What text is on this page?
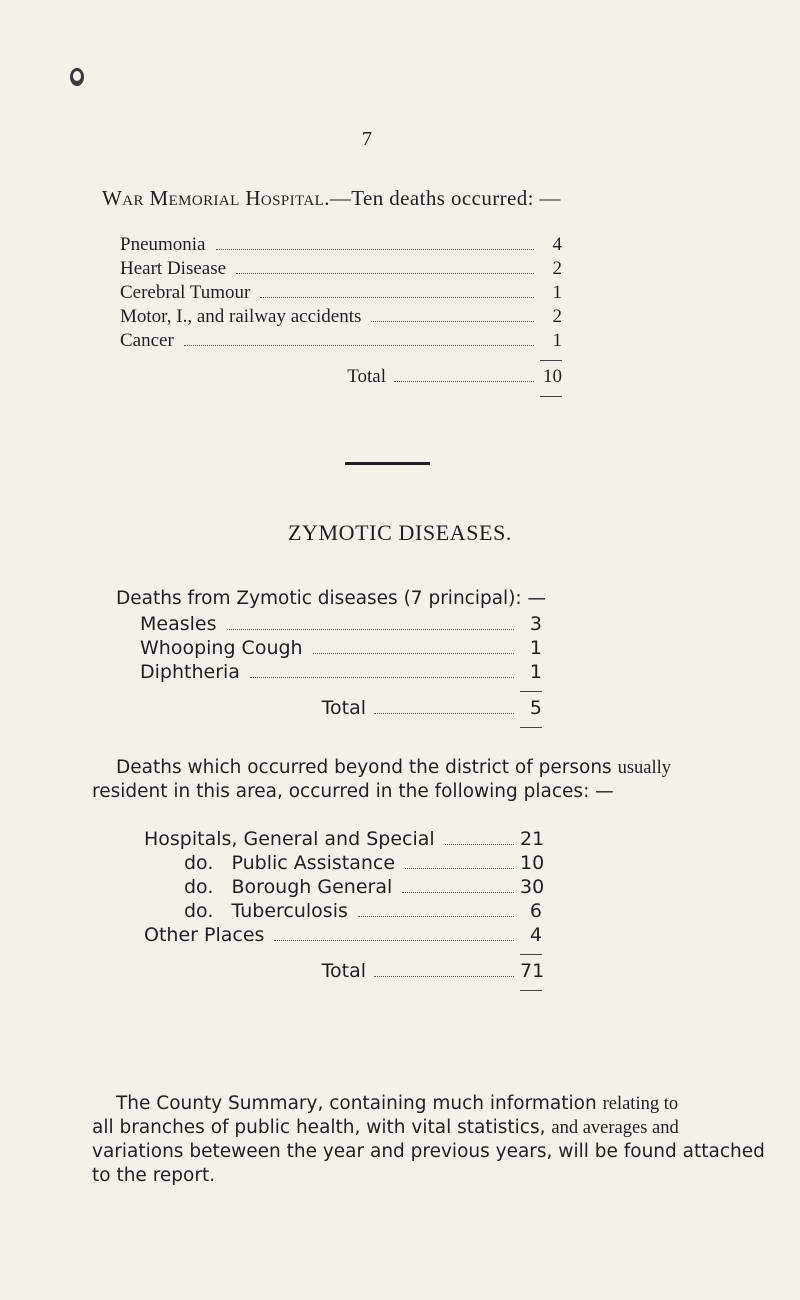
7
War Memorial Hospital.—Ten deaths occurred: —
Pneumonia	4
Heart Disease	2
Cerebral Tumour	1
Motor, I., and railway accidents	2
Cancer	1
Total	10
ZYMOTIC DISEASES.
Deaths from Zymotic diseases (7 principal): —
Measles	3
Whooping Cough	1
Diphtheria	1
Total	5
Deaths which occurred beyond the district of persons usually
resident in this area, occurred in the following places: —
Hospitals, General and Special	21
do.   Public Assistance	10
do.   Borough General	30
do.   Tuberculosis	6
Other Places	4
Total	71
The County Summary, containing much information relating to
all branches of public health, with vital statistics, and averages and
variations beteween the year and previous years, will be found attached
to the report.
